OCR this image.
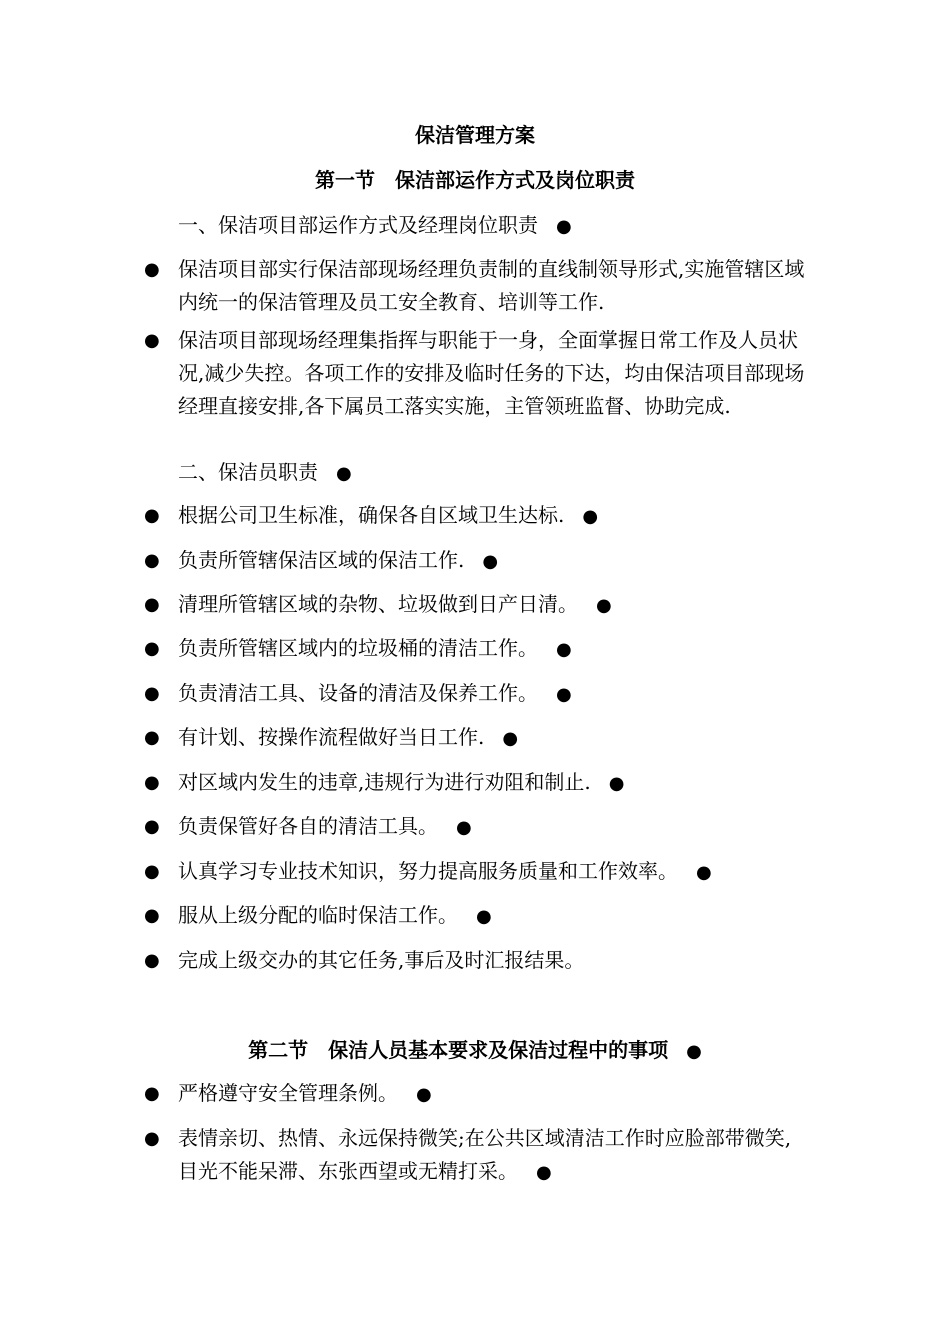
保洁管理方案
第一节　保洁部运作方式及岗位职责
一、保洁项目部运作方式及经理岗位职责 ●
● 保洁项目部实行保洁部现场经理负责制的直线制领导形式,实施管辖区域内统一的保洁管理及员工安全教育、培训等工作.
● 保洁项目部现场经理集指挥与职能于一身，全面掌握日常工作及人员状况,减少失控。各项工作的安排及临时任务的下达，均由保洁项目部现场经理直接安排,各下属员工落实实施，主管领班监督、协助完成.
二、保洁员职责 ●
● 根据公司卫生标准，确保各自区域卫生达标. ●
● 负责所管辖保洁区域的保洁工作. ●
● 清理所管辖区域的杂物、垃圾做到日产日清。 ●
● 负责所管辖区域内的垃圾桶的清洁工作。 ●
● 负责清洁工具、设备的清洁及保养工作。 ●
● 有计划、按操作流程做好当日工作. ●
● 对区域内发生的违章,违规行为进行劝阻和制止. ●
● 负责保管好各自的清洁工具。 ●
● 认真学习专业技术知识，努力提高服务质量和工作效率。 ●
● 服从上级分配的临时保洁工作。 ●
● 完成上级交办的其它任务,事后及时汇报结果。
第二节　保洁人员基本要求及保洁过程中的事项 ●
● 严格遵守安全管理条例。 ●
● 表情亲切、热情、永远保持微笑;在公共区域清洁工作时应脸部带微笑,目光不能呆滞、东张西望或无精打采。 ●
